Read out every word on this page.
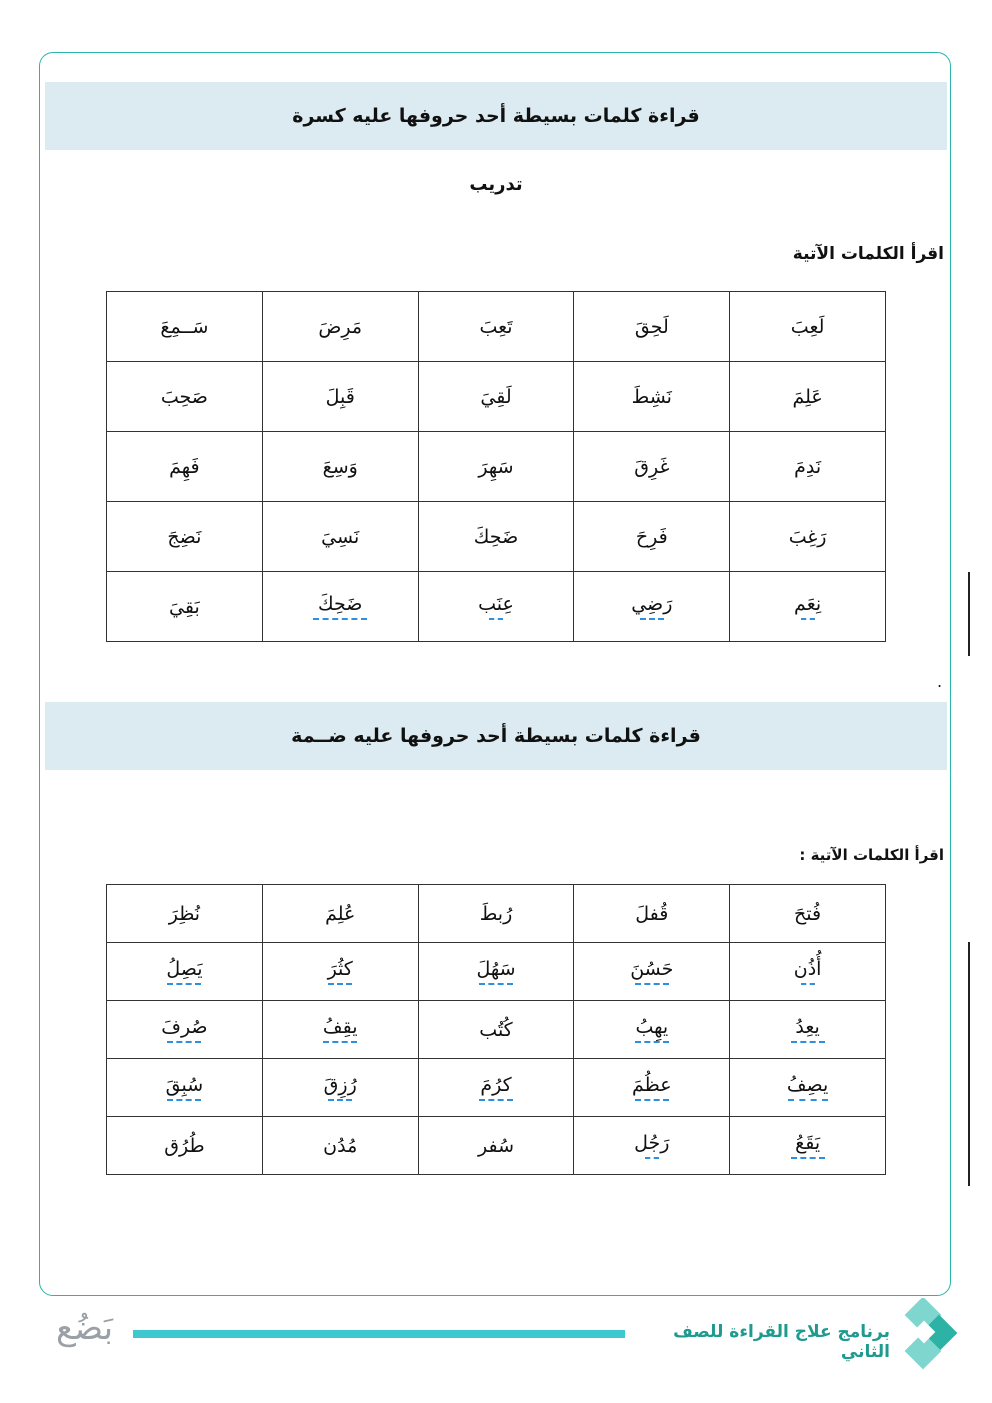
قراءة كلمات بسيطة أحد حروفها عليه كسرة
تدريب
اقرأ الكلمات الآتية
لَعِبَ	لَحِقَ	تَعِبَ	مَرِضَ	سَــمِعَ
عَلِمَ	نَشِطَ	لَقِيَ	قَبِلَ	صَحِبَ
نَدِمَ	غَرِقَ	سَهِرَ	وَسِعَ	فَهِمَ
رَغِبَ	فَرِحَ	ضَحِكَ	نَسِيَ	نَضِجَ
نِعَم	رَضِي	عِنَب	ضَحِكَ	بَقِيَ
.
قراءة كلمات بسيطة أحد حروفها عليه ضــمة
اقرأ الكلمات الآتية :
فُتحَ	قُفلَ	رُبطَ	عُلِمَ	نُظِرَ
أُذُن	حَسُنَ	سَهُلَ	كثُرَ	يَصِلُ

يعِدُ	يهِبُ	كُتُب	يقِفُ	صُرفَ

يصِفُ	عظُمَ	كرُمَ	رُزِقَ	سُبِقَ

يَقَعُ	رَجُل	سُفر	مُدُن	طُرُق
برنامج علاج القراءة للصف الثاني
بَضُع
